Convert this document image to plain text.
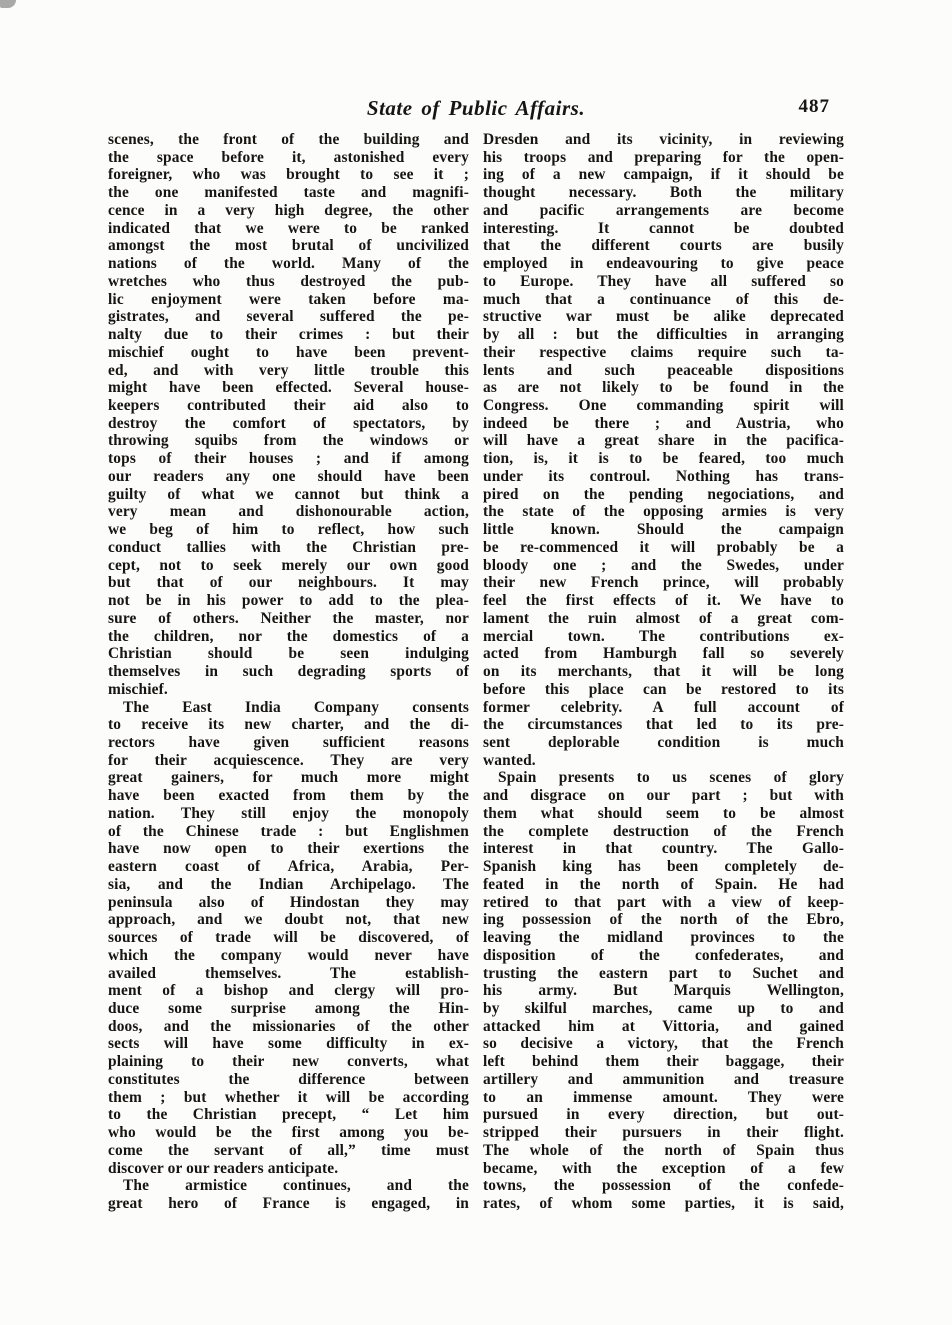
State of Public Affairs.	487
scenes, the front of the building and
the space before it, astonished every
foreigner, who was brought to see it ;
the one manifested taste and magnifi-
cence in a very high degree, the other
indicated that we were to be ranked
amongst the most brutal of uncivilized
nations of the world. Many of the
wretches who thus destroyed the pub-
lic enjoyment were taken before ma-
gistrates, and several suffered the pe-
nalty due to their crimes : but their
mischief ought to have been prevent-
ed, and with very little trouble this
might have been effected. Several house-
keepers contributed their aid also to
destroy the comfort of spectators, by
throwing squibs from the windows or
tops of their houses ; and if among
our readers any one should have been
guilty of what we cannot but think a
very mean and dishonourable action,
we beg of him to reflect, how such
conduct tallies with the Christian pre-
cept, not to seek merely our own good
but that of our neighbours. It may
not be in his power to add to the plea-
sure of others. Neither the master, nor
the children, nor the domestics of a
Christian should be seen indulging
themselves in such degrading sports of
mischief.
The East India Company consents
to receive its new charter, and the di-
rectors have given sufficient reasons
for their acquiescence. They are very
great gainers, for much more might
have been exacted from them by the
nation. They still enjoy the monopoly
of the Chinese trade : but Englishmen
have now open to their exertions the
eastern coast of Africa, Arabia, Per-
sia, and the Indian Archipelago. The
peninsula also of Hindostan they may
approach, and we doubt not, that new
sources of trade will be discovered, of
which the company would never have
availed themselves. The establish-
ment of a bishop and clergy will pro-
duce some surprise among the Hin-
doos, and the missionaries of the other
sects will have some difficulty in ex-
plaining to their new converts, what
constitutes the difference between
them ; but whether it will be according
to the Christian precept, “ Let him
who would be the first among you be-
come the servant of all,” time must
discover or our readers anticipate.
The armistice continues, and the
great hero of France is engaged, in
Dresden and its vicinity, in reviewing
his troops and preparing for the open-
ing of a new campaign, if it should be
thought necessary. Both the military
and pacific arrangements are become
interesting. It cannot be doubted
that the different courts are busily
employed in endeavouring to give peace
to Europe. They have all suffered so
much that a continuance of this de-
structive war must be alike deprecated
by all : but the difficulties in arranging
their respective claims require such ta-
lents and such peaceable dispositions
as are not likely to be found in the
Congress. One commanding spirit will
indeed be there ; and Austria, who
will have a great share in the pacifica-
tion, is, it is to be feared, too much
under its controul. Nothing has trans-
pired on the pending negociations, and
the state of the opposing armies is very
little known. Should the campaign
be re-commenced it will probably be a
bloody one ; and the Swedes, under
their new French prince, will probably
feel the first effects of it. We have to
lament the ruin almost of a great com-
mercial town. The contributions ex-
acted from Hamburgh fall so severely
on its merchants, that it will be long
before this place can be restored to its
former celebrity. A full account of
the circumstances that led to its pre-
sent deplorable condition is much
wanted.
Spain presents to us scenes of glory
and disgrace on our part ; but with
them what should seem to be almost
the complete destruction of the French
interest in that country. The Gallo-
Spanish king has been completely de-
feated in the north of Spain. He had
retired to that part with a view of keep-
ing possession of the north of the Ebro,
leaving the midland provinces to the
disposition of the confederates, and
trusting the eastern part to Suchet and
his army. But Marquis Wellington,
by skilful marches, came up to and
attacked him at Vittoria, and gained
so decisive a victory, that the French
left behind them their baggage, their
artillery and ammunition and treasure
to an immense amount. They were
pursued in every direction, but out-
stripped their pursuers in their flight.
The whole of the north of Spain thus
became, with the exception of a few
towns, the possession of the confede-
rates, of whom some parties, it is said,
